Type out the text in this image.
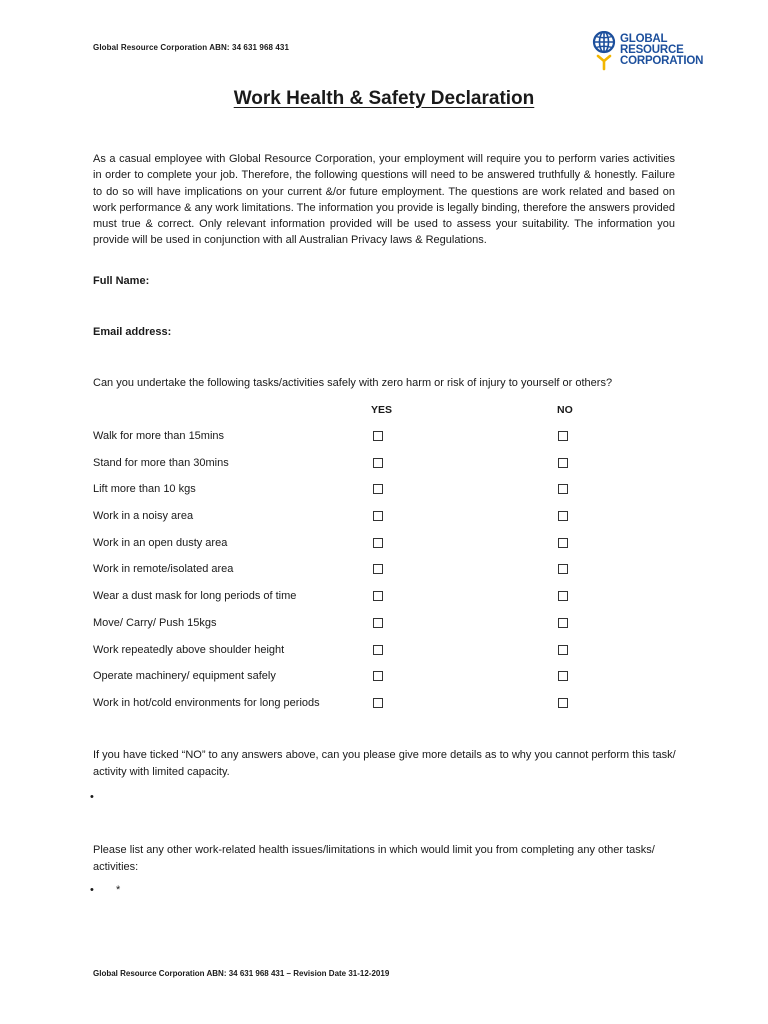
Global Resource Corporation ABN: 34 631 968 431
GLOBAL
RESOURCE
CORPORATION
Work Health & Safety Declaration
As a casual employee with Global Resource Corporation, your employment will require you to perform varies activities in order to complete your job. Therefore, the following questions will need to be answered truthfully & honestly. Failure to do so will have implications on your current &/or future employment. The questions are work related and based on work performance & any work limitations. The information you provide is legally binding, therefore the answers provided must true & correct. Only relevant information provided will be used to assess your suitability. The information you provide will be used in conjunction with all Australian Privacy laws & Regulations.
Full Name:
Email address:
Can you undertake the following tasks/activities safely with zero harm or risk of injury to yourself or others?
YES	NO
Walk for more than 15mins
Stand for more than 30mins
Lift more than 10 kgs
Work in a noisy area
Work in an open dusty area
Work in remote/isolated area
Wear a dust mask for long periods of time
Move/ Carry/ Push 15kgs
Work repeatedly above shoulder height
Operate machinery/ equipment safely
Work in hot/cold environments for long periods
If you have ticked “NO” to any answers above, can you please give more details as to why you cannot perform this task/ activity with limited capacity.
•
Please list any other work-related health issues/limitations in which would limit you from completing any other tasks/ activities:
• *
Global Resource Corporation ABN: 34 631 968 431 – Revision Date 31-12-2019
